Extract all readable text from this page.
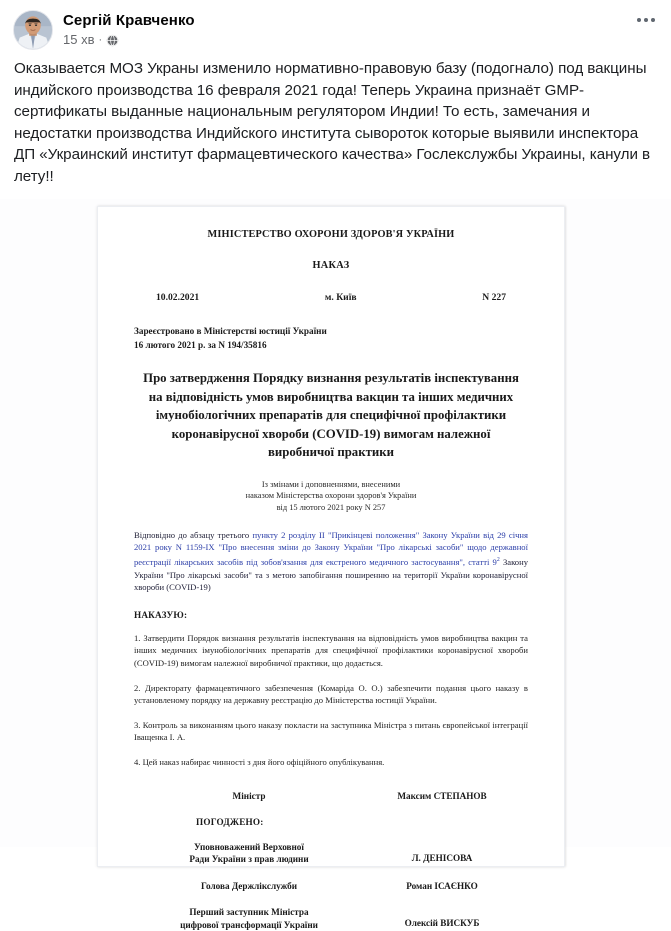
Сергій Кравченко
15 хв ·
Оказывается МОЗ Украны изменило нормативно-правовую базу (подогнало) под вакцины индийского производства 16 февраля 2021 года! Теперь Украина признаёт GMP-сертификаты выданные национальным регулятором Индии! То есть, замечания и недостатки производства Индийского института сывороток которые выявили инспектора ДП «Украинский институт фармацевтического качества» Гослекслужбы Украины, канули в лету!!
МІНІСТЕРСТВО ОХОРОНИ ЗДОРОВ'Я УКРАЇНИ
НАКАЗ
10.02.2021	м. Київ	N 227
Зареєстровано в Міністерстві юстиції України
16 лютого 2021 р. за N 194/35816
Про затвердження Порядку визнання результатів інспектування на відповідність умов виробництва вакцин та інших медичних імунобіологічних препаратів для специфічної профілактики коронавірусної хвороби (COVID-19) вимогам належної виробничої практики
Із змінами і доповненнями, внесеними
наказом Міністерства охорони здоров'я України
від 15 лютого 2021 року N 257
Відповідно до абзацу третього пункту 2 розділу II "Прикінцеві положення" Закону України від 29 січня 2021 року N 1159-IX "Про внесення зміни до Закону України "Про лікарські засоби" щодо державної реєстрації лікарських засобів під зобов'язання для екстреного медичного застосування", статті $9^2$ Закону України "Про лікарські засоби" та з метою запобігання поширенню на території України коронавірусної хвороби (COVID-19)
НАКАЗУЮ:
1. Затвердити Порядок визнання результатів інспектування на відповідність умов виробництва вакцин та інших медичних імунобіологічних препаратів для специфічної профілактики коронавірусної хвороби (COVID-19) вимогам належної виробничої практики, що додається.
2. Директорату фармацевтичного забезпечення (Комаріда О. О.) забезпечити подання цього наказу в установленому порядку на державну реєстрацію до Міністерства юстиції України.
3. Контроль за виконанням цього наказу покласти на заступника Міністра з питань європейської інтеграції Іващенка І. А.
4. Цей наказ набирає чинності з дня його офіційного опублікування.
Міністр	Максим СТЕПАНОВ
ПОГОДЖЕНО:
Уповноважений Верховної
Ради України з прав людини	Л. ДЕНІСОВА
Голова Держлікслужби	Роман ІСАЄНКО
Перший заступник Міністра
цифрової трансформації України	Олексій ВИСКУБ
